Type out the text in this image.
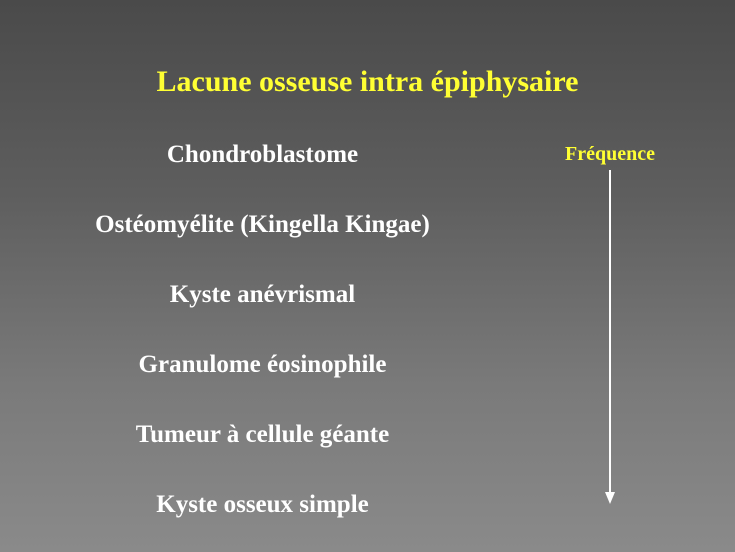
Lacune osseuse intra épiphysaire
Chondroblastome
Ostéomyélite (Kingella Kingae)
Kyste anévrismal
Granulome éosinophile
Tumeur à cellule géante
Kyste osseux simple
Fréquence
